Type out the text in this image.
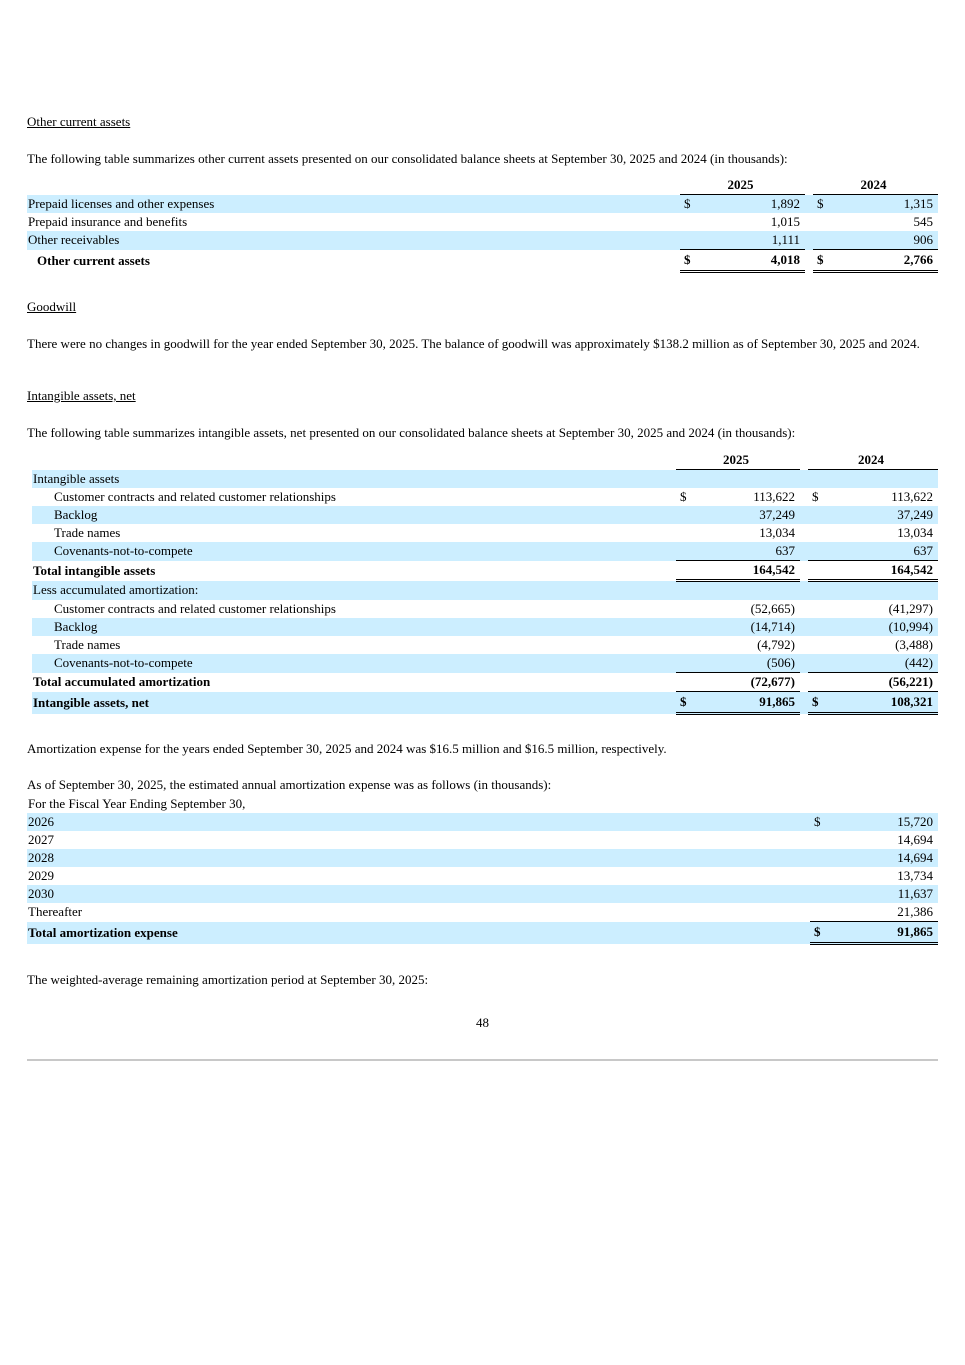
Other current assets

The following table summarizes other current assets presented on our consolidated balance sheets at September 30, 2025 and 2024 (in thousands):

		2025			2024	
Prepaid licenses and other expenses		$	1,892		$	1,315
Prepaid insurance and benefits			1,015			545
Other receivables			1,111			906
Other current assets		$	4,018		$	2,766
Goodwill

There were no changes in goodwill for the year ended September 30, 2025. The balance of goodwill was approximately $138.2 million as of September 30, 2025 and 2024.

Intangible assets, net

The following table summarizes intangible assets, net presented on our consolidated balance sheets at September 30, 2025 and 2024 (in thousands):

		2025			2024	
Intangible assets						
Customer contracts and related customer relationships		$	113,622		$	113,622
Backlog			37,249			37,249
Trade names			13,034			13,034
Covenants-not-to-compete			637			637
Total intangible assets			164,542			164,542
Less accumulated amortization:						
Customer contracts and related customer relationships			(52,665)			(41,297)
Backlog			(14,714)			(10,994)
Trade names			(4,792)			(3,488)
Covenants-not-to-compete			(506)			(442)
Total accumulated amortization			(72,677)			(56,221)
Intangible assets, net		$	91,865		$	108,321

Amortization expense for the years ended September 30, 2025 and 2024 was $16.5 million and $16.5 million, respectively.

As of September 30, 2025, the estimated annual amortization expense was as follows (in thousands):

For the Fiscal Year Ending September 30,		
2026	$	15,720
2027		14,694
2028		14,694
2029		13,734
2030		11,637
Thereafter		21,386
Total amortization expense	$	91,865

The weighted-average remaining amortization period at September 30, 2025:

48
